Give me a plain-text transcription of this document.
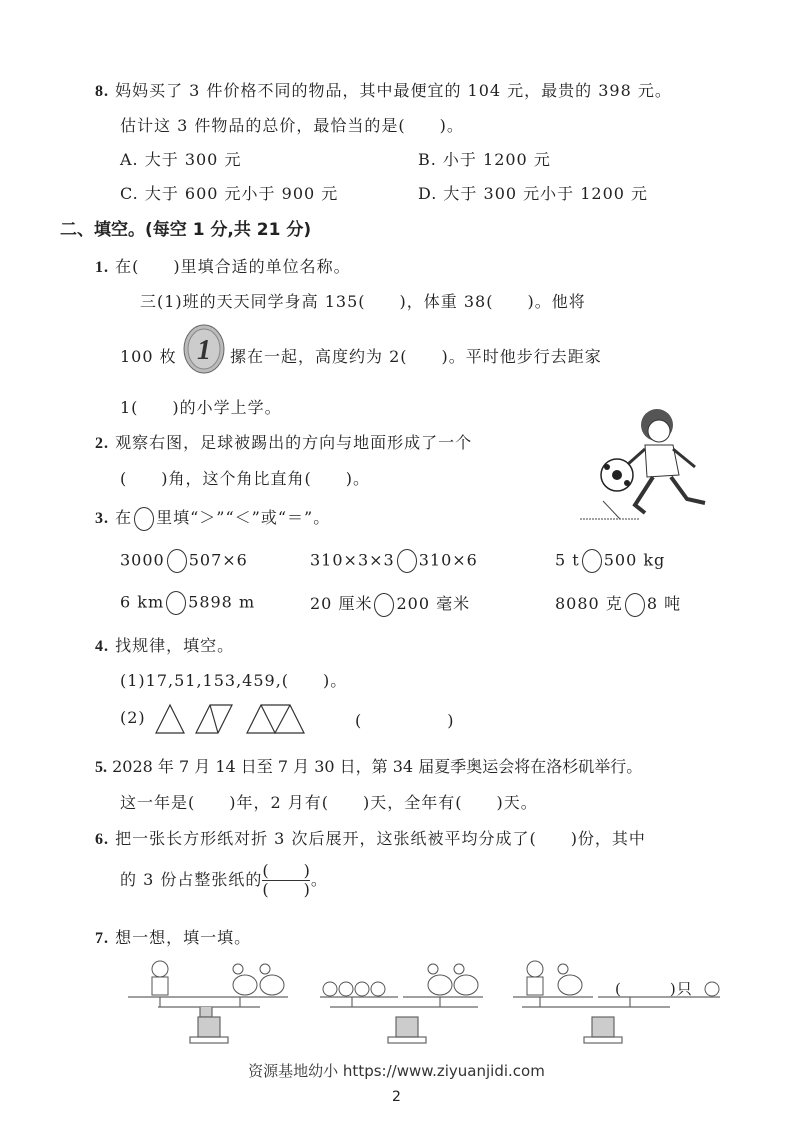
8. 妈妈买了 3 件价格不同的物品，其中最便宜的 104 元，最贵的 398 元。
估计这 3 件物品的总价，最恰当的是(　　)。
A. 大于 300 元	B. 小于 1200 元
C. 大于 600 元小于 900 元	D. 大于 300 元小于 1200 元
二、填空。(每空 1 分,共 21 分)
1. 在(　　)里填合适的单位名称。
三(1)班的天天同学身高 135(　　)，体重 38(　　)。他将
100 枚 1 摞在一起，高度约为 2(　　)。平时他步行去距家
1(　　)的小学上学。
2. 观察右图，足球被踢出的方向与地面形成了一个
(　　)角，这个角比直角(　　)。
3. 在 里填“＞”“＜”或“＝”。
3000 507×6	310×3×3 310×6	5 t 500 kg
6 km 5898 m	20 厘米 200 毫米	8080 克 8 吨
4. 找规律，填空。
(1)17,51,153,459,(　　)。
(2)	(　　　　　)
5. 2028 年 7 月 14 日至 7 月 30 日，第 34 届夏季奥运会将在洛杉矶举行。
这一年是(　　)年，2 月有(　　)天，全年有(　　)天。
6. 把一张长方形纸对折 3 次后展开，这张纸被平均分成了(　　)份，其中
的 3 份占整张纸的 $\frac{( )}{( )}$ 。
7. 想一想，填一填。
(　　　)只
资源基地幼小 https://www.ziyuanjidi.com
2
